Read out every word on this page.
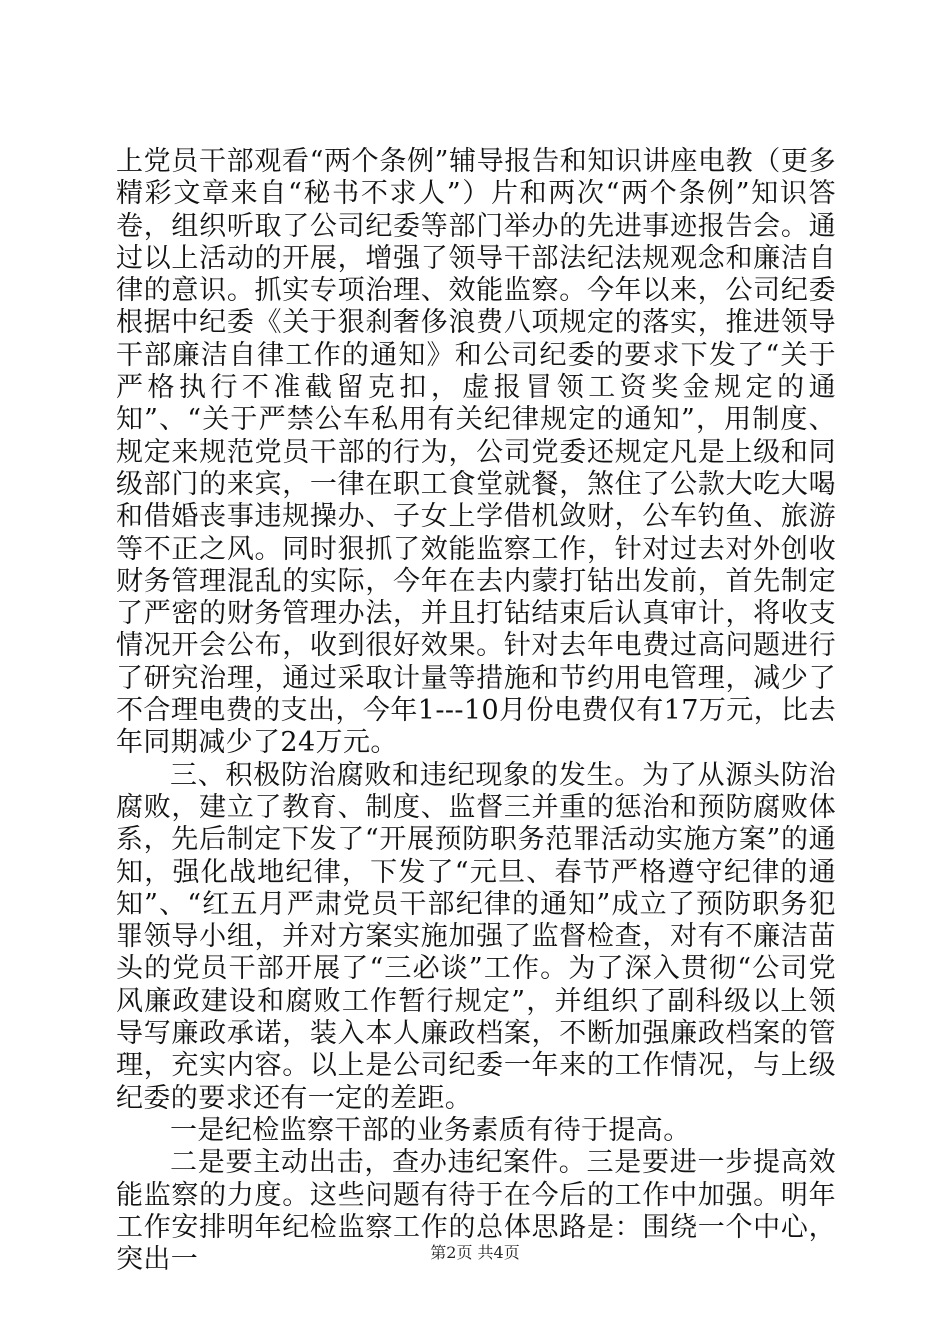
上党员干部观看“两个条例”辅导报告和知识讲座电教（更多精彩文章来自“秘书不求人”）片和两次“两个条例”知识答卷，组织听取了公司纪委等部门举办的先进事迹报告会。通过以上活动的开展，增强了领导干部法纪法规观念和廉洁自律的意识。抓实专项治理、效能监察。今年以来，公司纪委根据中纪委《关于狠刹奢侈浪费八项规定的落实，推进领导干部廉洁自律工作的通知》和公司纪委的要求下发了“关于严格执行不准截留克扣，虚报冒领工资奖金规定的通知”、“关于严禁公车私用有关纪律规定的通知”，用制度、规定来规范党员干部的行为，公司党委还规定凡是上级和同级部门的来宾，一律在职工食堂就餐，煞住了公款大吃大喝和借婚丧事违规操办、子女上学借机敛财，公车钓鱼、旅游等不正之风。同时狠抓了效能监察工作，针对过去对外创收财务管理混乱的实际，今年在去内蒙打钻出发前，首先制定了严密的财务管理办法，并且打钻结束后认真审计，将收支情况开会公布，收到很好效果。针对去年电费过高问题进行了研究治理，通过采取计量等措施和节约用电管理，减少了不合理电费的支出，今年1---10月份电费仅有17万元，比去年同期减少了24万元。

三、积极防治腐败和违纪现象的发生。为了从源头防治腐败，建立了教育、制度、监督三并重的惩治和预防腐败体系，先后制定下发了“开展预防职务范罪活动实施方案”的通知，强化战地纪律，下发了“元旦、春节严格遵守纪律的通知”、“红五月严肃党员干部纪律的通知”成立了预防职务犯罪领导小组，并对方案实施加强了监督检查，对有不廉洁苗头的党员干部开展了“三必谈”工作。为了深入贯彻“公司党风廉政建设和腐败工作暂行规定”，并组织了副科级以上领导写廉政承诺，装入本人廉政档案，不断加强廉政档案的管理，充实内容。以上是公司纪委一年来的工作情况，与上级纪委的要求还有一定的差距。

一是纪检监察干部的业务素质有待于提高。

二是要主动出击，查办违纪案件。三是要进一步提高效能监察的力度。这些问题有待于在今后的工作中加强。明年工作安排明年纪检监察工作的总体思路是：围绕一个中心，突出一	第2页 共4页
